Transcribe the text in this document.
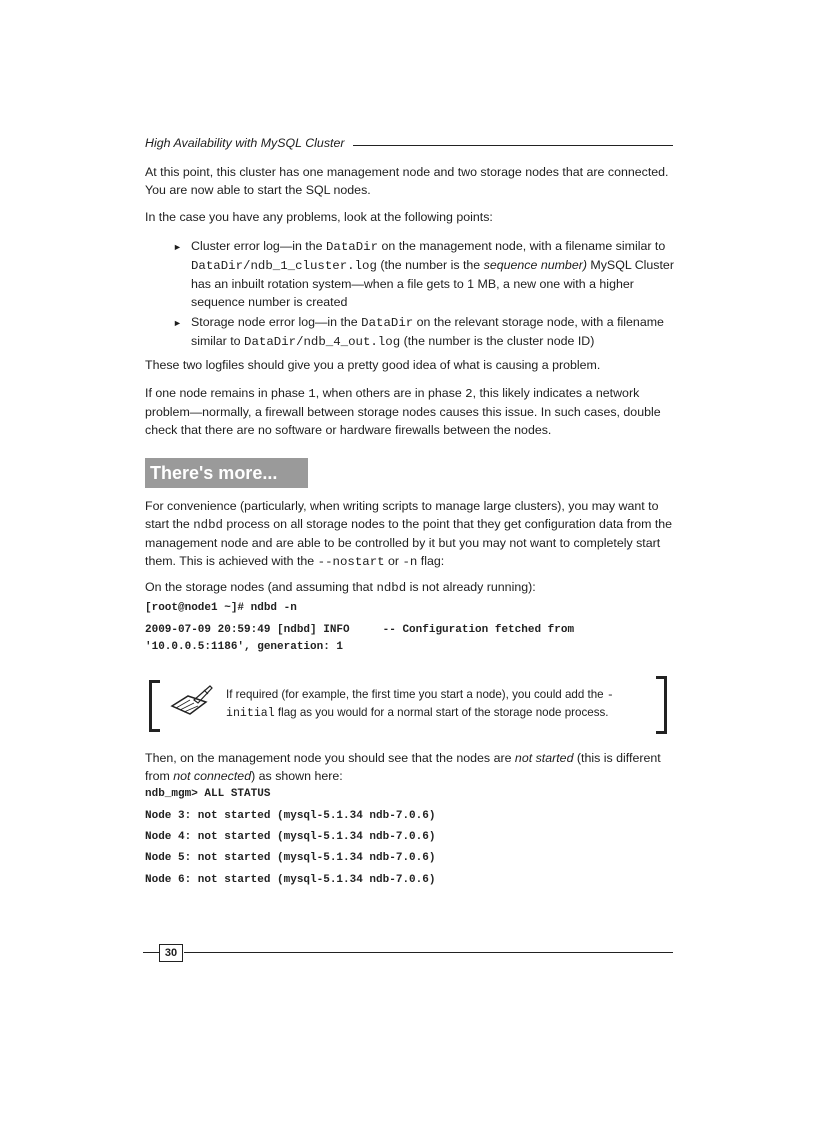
High Availability with MySQL Cluster

At this point, this cluster has one management node and two storage nodes that are connected. You are now able to start the SQL nodes.

In the case you have any problems, look at the following points:

► Cluster error log—in the DataDir on the management node, with a filename similar to DataDir/ndb_1_cluster.log (the number is the sequence number) MySQL Cluster has an inbuilt rotation system—when a file gets to 1 MB, a new one with a higher sequence number is created

► Storage node error log—in the DataDir on the relevant storage node, with a filename similar to DataDir/ndb_4_out.log (the number is the cluster node ID)

These two logfiles should give you a pretty good idea of what is causing a problem.

If one node remains in phase 1, when others are in phase 2, this likely indicates a network problem—normally, a firewall between storage nodes causes this issue. In such cases, double check that there are no software or hardware firewalls between the nodes.

There's more...

For convenience (particularly, when writing scripts to manage large clusters), you may want to start the ndbd process on all storage nodes to the point that they get configuration data from the management node and are able to be controlled by it but you may not want to completely start them. This is achieved with the --nostart or -n flag:

On the storage nodes (and assuming that ndbd is not already running):

[root@node1 ~]# ndbd -n
2009-07-09 20:59:49 [ndbd] INFO     -- Configuration fetched from
'10.0.0.5:1186', generation: 1

If required (for example, the first time you start a node), you could add the -initial flag as you would for a normal start of the storage node process.

Then, on the management node you should see that the nodes are not started (this is different from not connected) as shown here:

ndb_mgm> ALL STATUS
Node 3: not started (mysql-5.1.34 ndb-7.0.6)
Node 4: not started (mysql-5.1.34 ndb-7.0.6)
Node 5: not started (mysql-5.1.34 ndb-7.0.6)
Node 6: not started (mysql-5.1.34 ndb-7.0.6)
30
